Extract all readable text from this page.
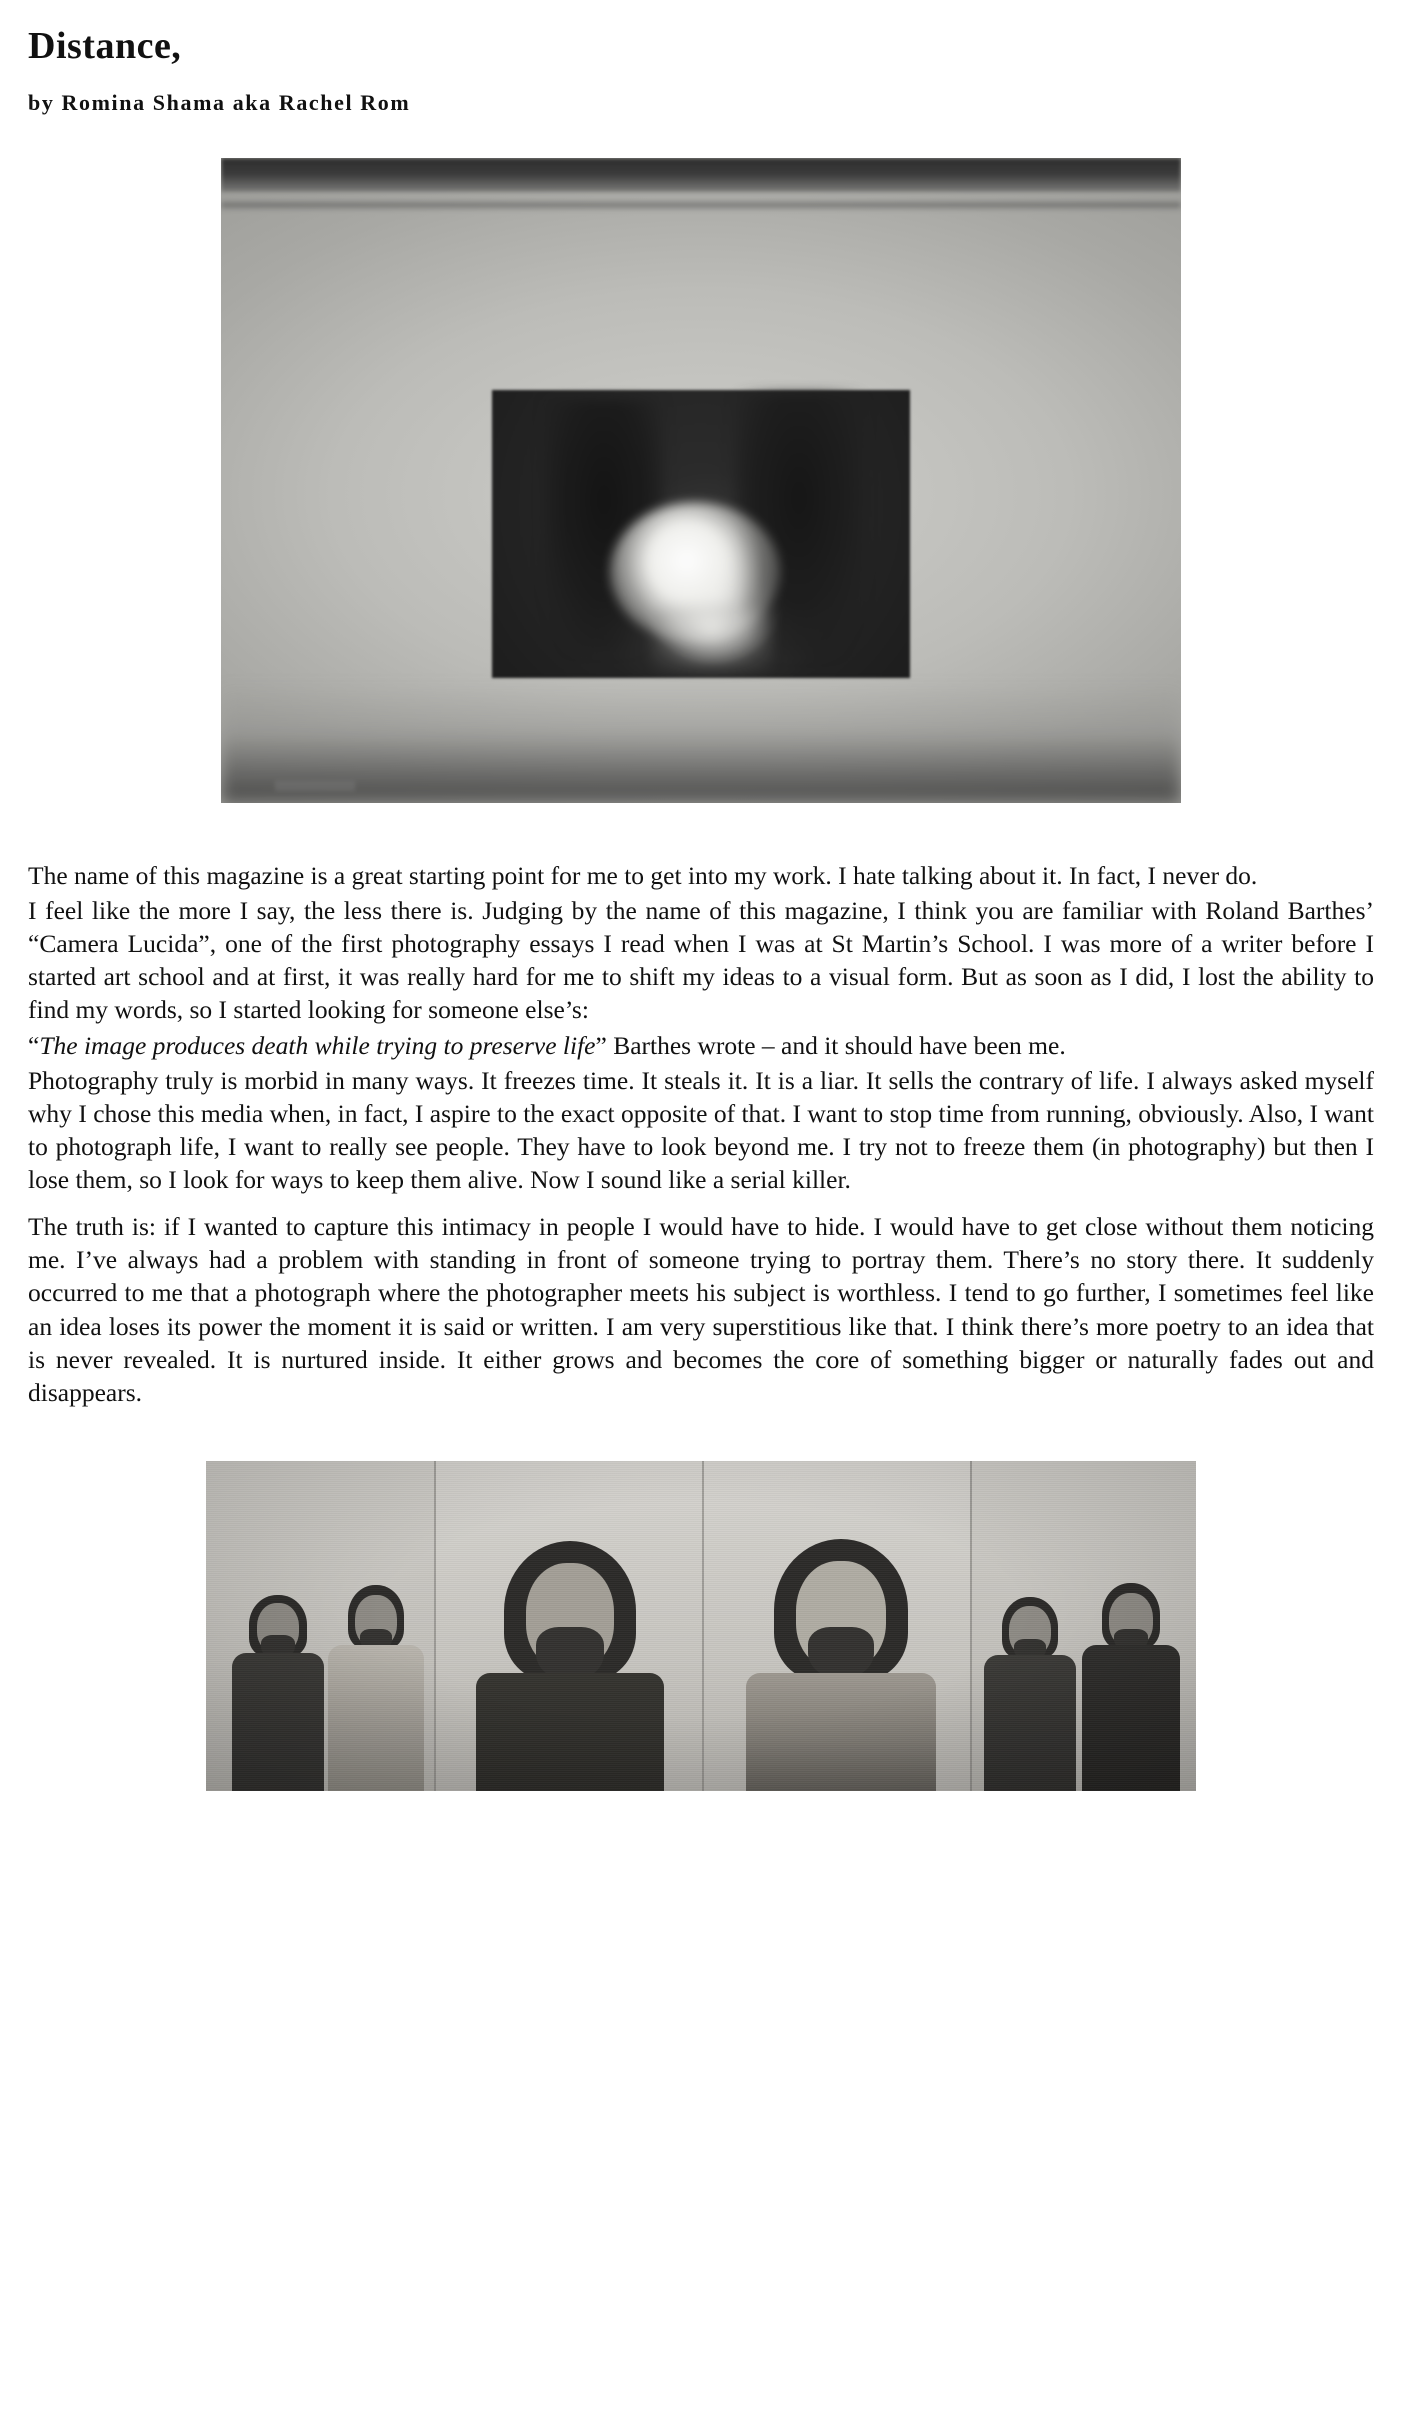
Distance,
by Romina Shama aka Rachel Rom

The name of this magazine is a great starting point for me to get into my work. I hate talking about it. In fact, I never do.

I feel like the more I say, the less there is. Judging by the name of this magazine, I think you are familiar with Roland Barthes’ “Camera Lucida”, one of the first photography essays I read when I was at St Martin’s School. I was more of a writer before I started art school and at first, it was really hard for me to shift my ideas to a visual form. But as soon as I did, I lost the ability to find my words, so I started looking for someone else’s:

“The image produces death while trying to preserve life” Barthes wrote – and it should have been me.

Photography truly is morbid in many ways. It freezes time. It steals it. It is a liar. It sells the contrary of life. I always asked myself why I chose this media when, in fact, I aspire to the exact opposite of that. I want to stop time from running, obviously. Also, I want to photograph life, I want to really see people. They have to look beyond me. I try not to freeze them (in photography) but then I lose them, so I look for ways to keep them alive. Now I sound like a serial killer.

The truth is: if I wanted to capture this intimacy in people I would have to hide. I would have to get close without them noticing me. I’ve always had a problem with standing in front of someone trying to portray them. There’s no story there. It suddenly occurred to me that a photograph where the photographer meets his subject is worthless. I tend to go further, I sometimes feel like an idea loses its power the moment it is said or written. I am very superstitious like that. I think there’s more poetry to an idea that is never revealed. It is nurtured inside. It either grows and becomes the core of something bigger or naturally fades out and disappears.
